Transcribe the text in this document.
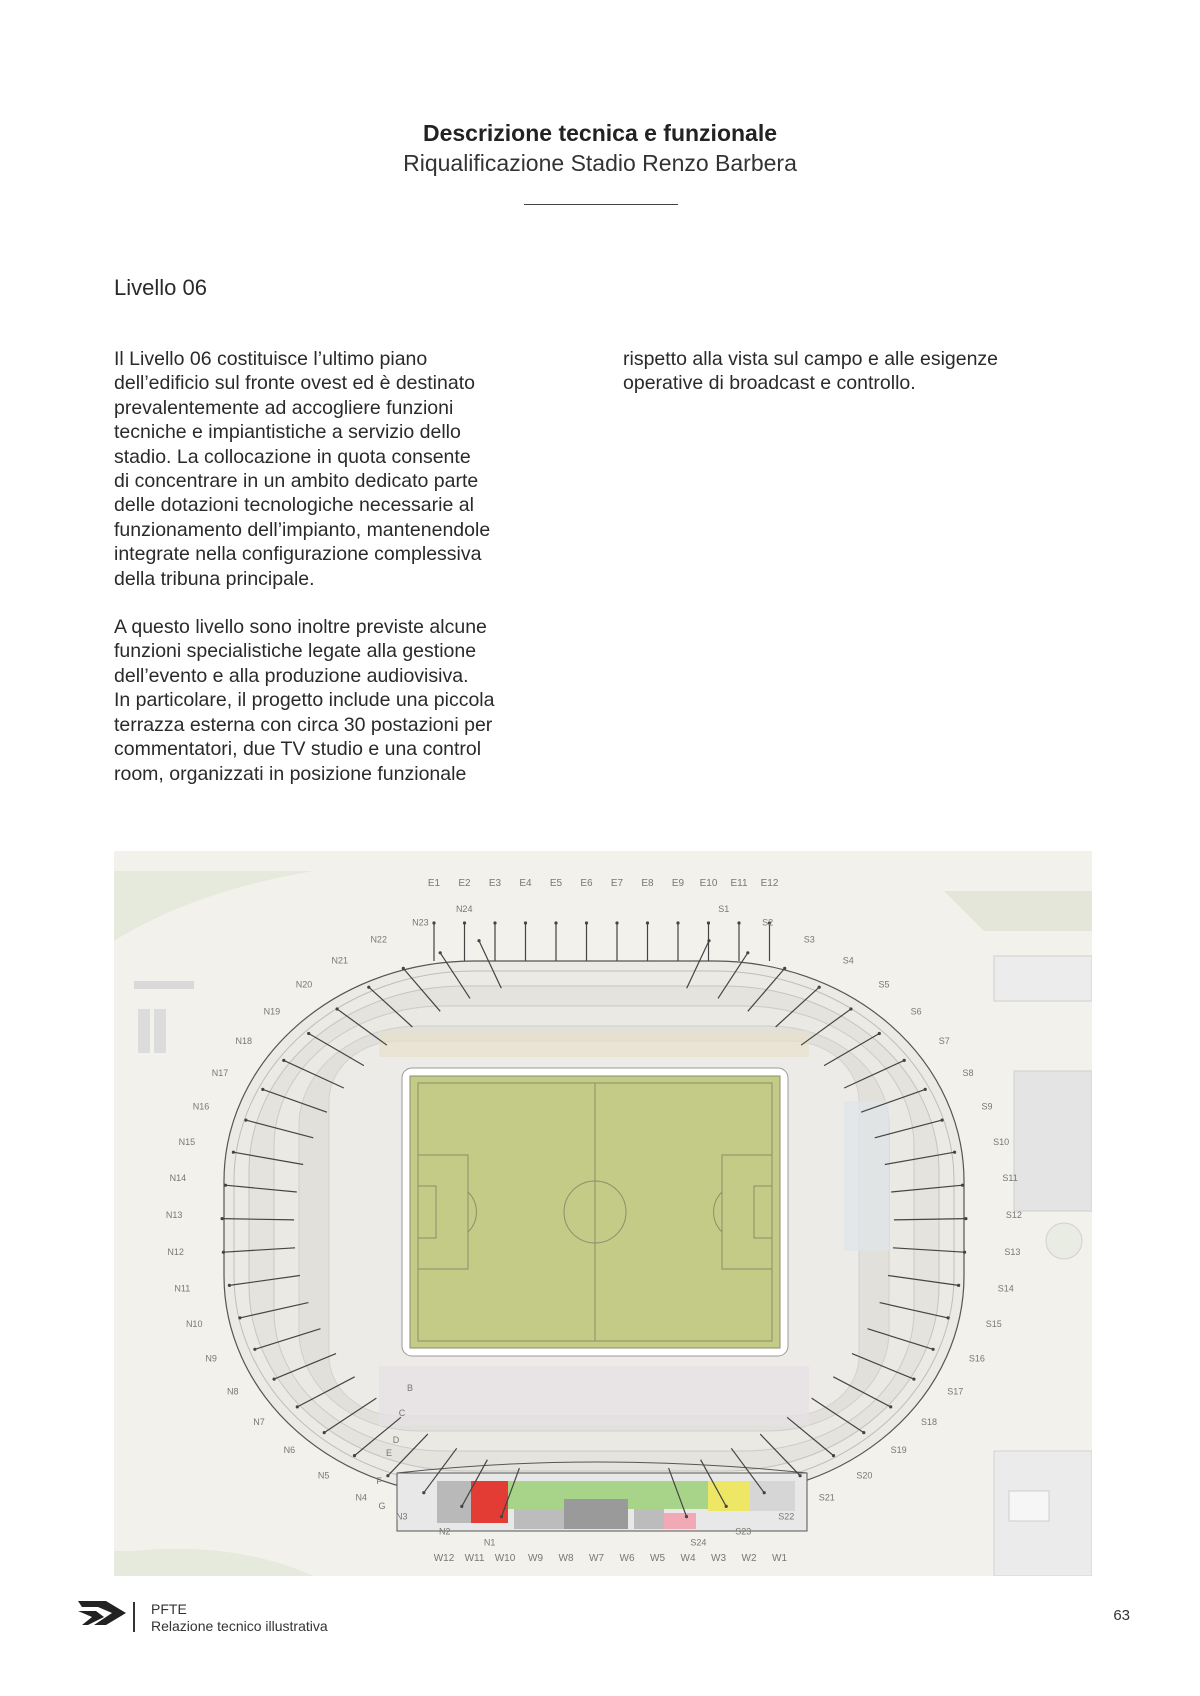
Descrizione tecnica e funzionale
Riqualificazione Stadio Renzo Barbera
Livello 06

Il Livello 06 costituisce l’ultimo piano
dell’edificio sul fronte ovest ed è destinato
prevalentemente ad accogliere funzioni
tecniche e impiantistiche a servizio dello
stadio. La collocazione in quota consente
di concentrare in un ambito dedicato parte
delle dotazioni tecnologiche necessarie al
funzionamento dell’impianto, mantenendole
integrate nella configurazione complessiva
della tribuna principale.

A questo livello sono inoltre previste alcune
funzioni specialistiche legate alla gestione
dell’evento e alla produzione audiovisiva.
In particolare, il progetto include una piccola
terrazza esterna con circa 30 postazioni per
commentatori, due TV studio e una control
room, organizzati in posizione funzionale

rispetto alla vista sul campo e alle esigenze
operative di broadcast e controllo.

E1 E2 E3 E4 E5 E6 E7 E8 E9 E10 E11 E12
W12 W11 W10 W9 W8 W7 W6 W5 W4 W3 W2 W1
N1
N2
N3
N4
N5
N6
N7
N8
N9
N10
N11
N12
N13
N14
N15
N16
N17
N18
N19
N20
N21
N22
N23
N24	S1
S2
S3
S4
S5
S6
S7
S8
S9
S10
S11
S12
S13
S14
S15
S16
S17
S18
S19
S20
S21
S22
S23
S24
B
C
D
E
F
G
PFTE
Relazione tecnico illustrativa
63
